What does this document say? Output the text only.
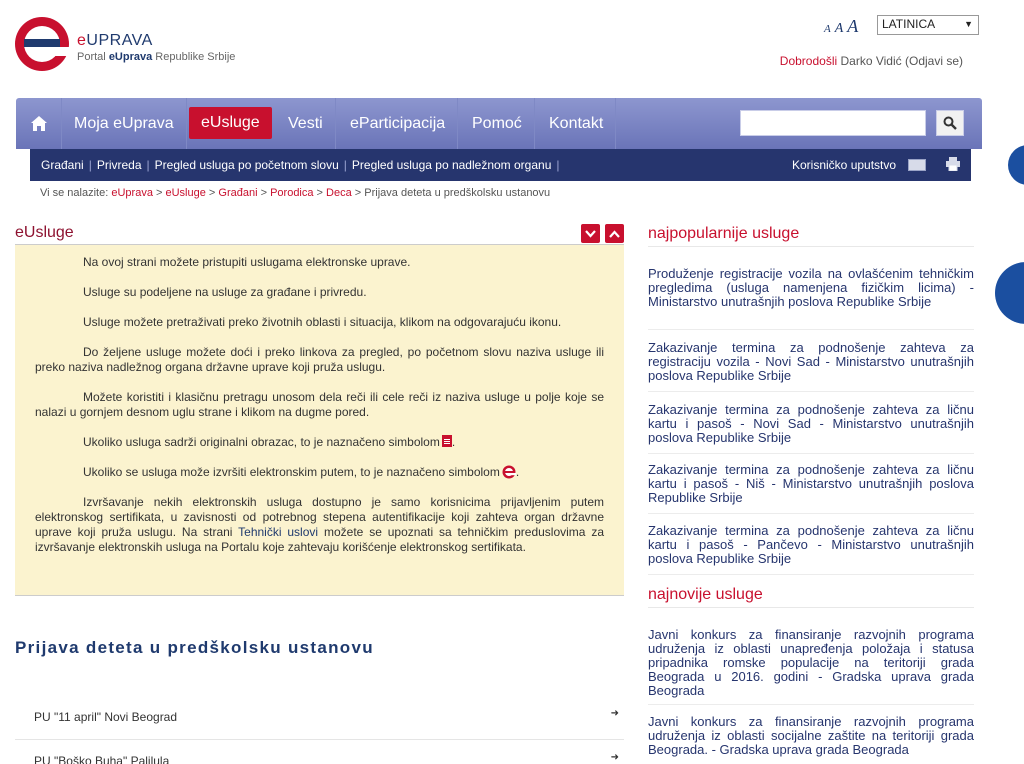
eUPRAVA
Portal eUprava Republike Srbije
A A A	LATINICA	▼
Dobrodošli Darko Vidić (Odjavi se)
Moja eUprava	eUsluge	Vesti	eParticipacija	Pomoć	Kontakt
Građani | Privreda | Pregled usluga po početnom slovu | Pregled usluga po nadležnom organu |	Korisničko uputstvo
Vi se nalazite: eUprava > eUsluge > Građani > Porodica > Deca > Prijava deteta u predškolsku ustanovu
eUsluge

Na ovoj strani možete pristupiti uslugama elektronske uprave.

Usluge su podeljene na usluge za građane i privredu.

Usluge možete pretraživati preko životnih oblasti i situacija, klikom na odgovarajuću ikonu.

Do željene usluge možete doći i preko linkova za pregled, po početnom slovu naziva usluge ili preko naziva nadležnog organa državne uprave koji pruža uslugu.

Možete koristiti i klasičnu pretragu unosom dela reči ili cele reči iz naziva usluge u polje koje se nalazi u gornjem desnom uglu strane i klikom na dugme pored.

Ukoliko usluga sadrži originalni obrazac, to je naznačeno simbolom .

Ukoliko se usluga može izvršiti elektronskim putem, to je naznačeno simbolom .

Izvršavanje nekih elektronskih usluga dostupno je samo korisnicima prijavljenim putem elektronskog sertifikata, u zavisnosti od potrebnog stepena autentifikacije koji zahteva organ državne uprave koji pruža uslugu. Na strani Tehnički uslovi možete se upoznati sa tehničkim preduslovima za izvršavanje elektronskih usluga na Portalu koje zahtevaju korišćenje elektronskog sertifikata.

Prijava deteta u predškolsku ustanovu
PU "11 april" Novi Beograd	➜
PU "Boško Buha" Palilula	➜
najpopularnije usluge
Produženje registracije vozila na ovlašćenim tehničkim pregledima (usluga namenjena fizičkim licima) - Ministarstvo unutrašnjih poslova Republike Srbije
Zakazivanje termina za podnošenje zahteva za registraciju vozila - Novi Sad - Ministarstvo unutrašnjih poslova Republike Srbije
Zakazivanje termina za podnošenje zahteva za ličnu kartu i pasoš - Novi Sad - Ministarstvo unutrašnjih poslova Republike Srbije
Zakazivanje termina za podnošenje zahteva za ličnu kartu i pasoš - Niš - Ministarstvo unutrašnjih poslova Republike Srbije
Zakazivanje termina za podnošenje zahteva za ličnu kartu i pasoš - Pančevo - Ministarstvo unutrašnjih poslova Republike Srbije
najnovije usluge
Javni konkurs za finansiranje razvojnih programa udruženja iz oblasti unapređenja položaja i statusa pripadnika romske populacije na teritoriji grada Beograda u 2016. godini - Gradska uprava grada Beograda
Javni konkurs za finansiranje razvojnih programa udruženja iz oblasti socijalne zaštite na teritoriji grada Beograda. - Gradska uprava grada Beograda
